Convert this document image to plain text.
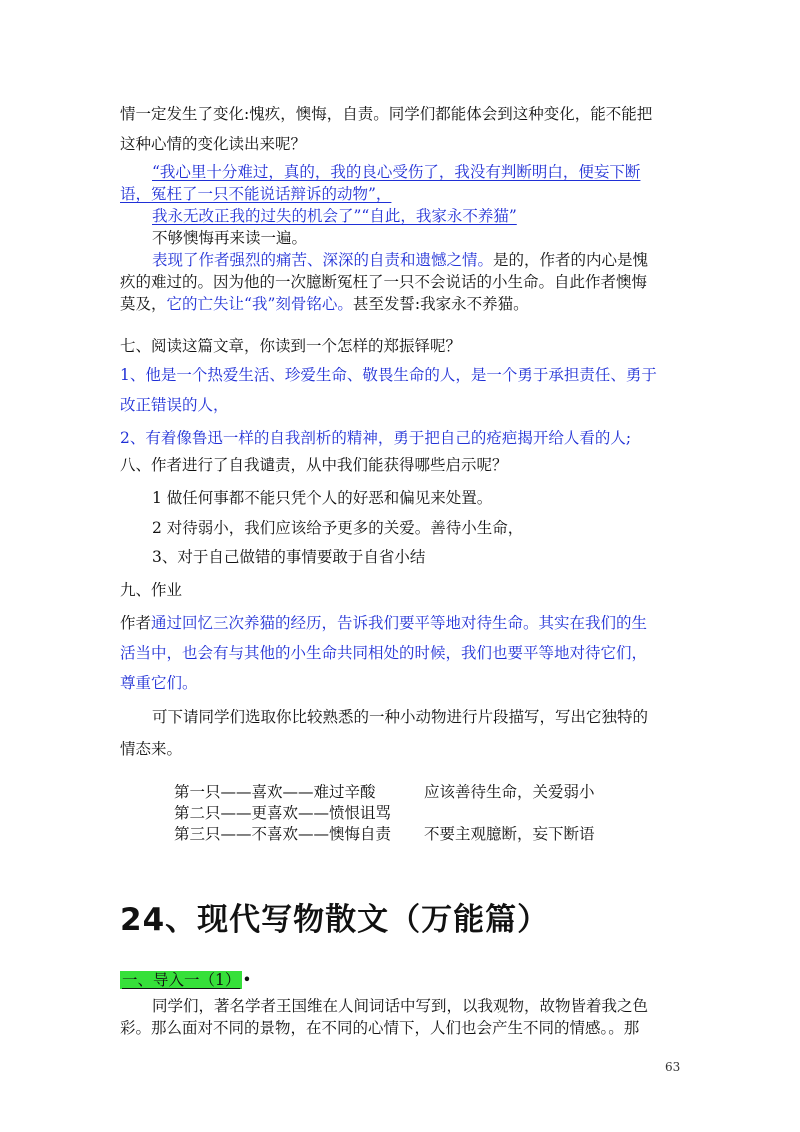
情一定发生了变化:愧疚，懊悔，自责。同学们都能体会到这种变化，能不能把
这种心情的变化读出来呢？
“我心里十分难过，真的，我的良心受伤了，我没有判断明白，便妄下断
语，冤枉了一只不能说话辩诉的动物”，
我永无改正我的过失的机会了”“自此，我家永不养猫”
不够懊悔再来读一遍。
表现了作者强烈的痛苦、深深的自责和遗憾之情。是的，作者的内心是愧
疚的难过的。因为他的一次臆断冤枉了一只不会说话的小生命。自此作者懊悔
莫及，它的亡失让“我”刻骨铭心。甚至发誓:我家永不养猫。
七、阅读这篇文章，你读到一个怎样的郑振铎呢？
1、他是一个热爱生活、珍爱生命、敬畏生命的人，是一个勇于承担责任、勇于
改正错误的人，
2、有着像鲁迅一样的自我剖析的精神，勇于把自己的疮疤揭开给人看的人;
八、作者进行了自我谴责，从中我们能获得哪些启示呢？
1 做任何事都不能只凭个人的好恶和偏见来处置。
2 对待弱小，我们应该给予更多的关爱。善待小生命，
3、对于自己做错的事情要敢于自省小结
九、作业
作者通过回忆三次养猫的经历，告诉我们要平等地对待生命。其实在我们的生
活当中，也会有与其他的小生命共同相处的时候，我们也要平等地对待它们，
尊重它们。
可下请同学们选取你比较熟悉的一种小动物进行片段描写，写出它独特的
情态来。
第一只——喜欢——难过辛酸	应该善待生命，关爱弱小
第二只——更喜欢——愤恨诅骂
第三只——不喜欢——懊悔自责 不要主观臆断，妄下断语
24、现代写物散文（万能篇）
一、导入一（1） •
同学们，著名学者王国维在人间词话中写到，以我观物，故物皆着我之色
彩。那么面对不同的景物，在不同的心情下，人们也会产生不同的情感。。那
63
